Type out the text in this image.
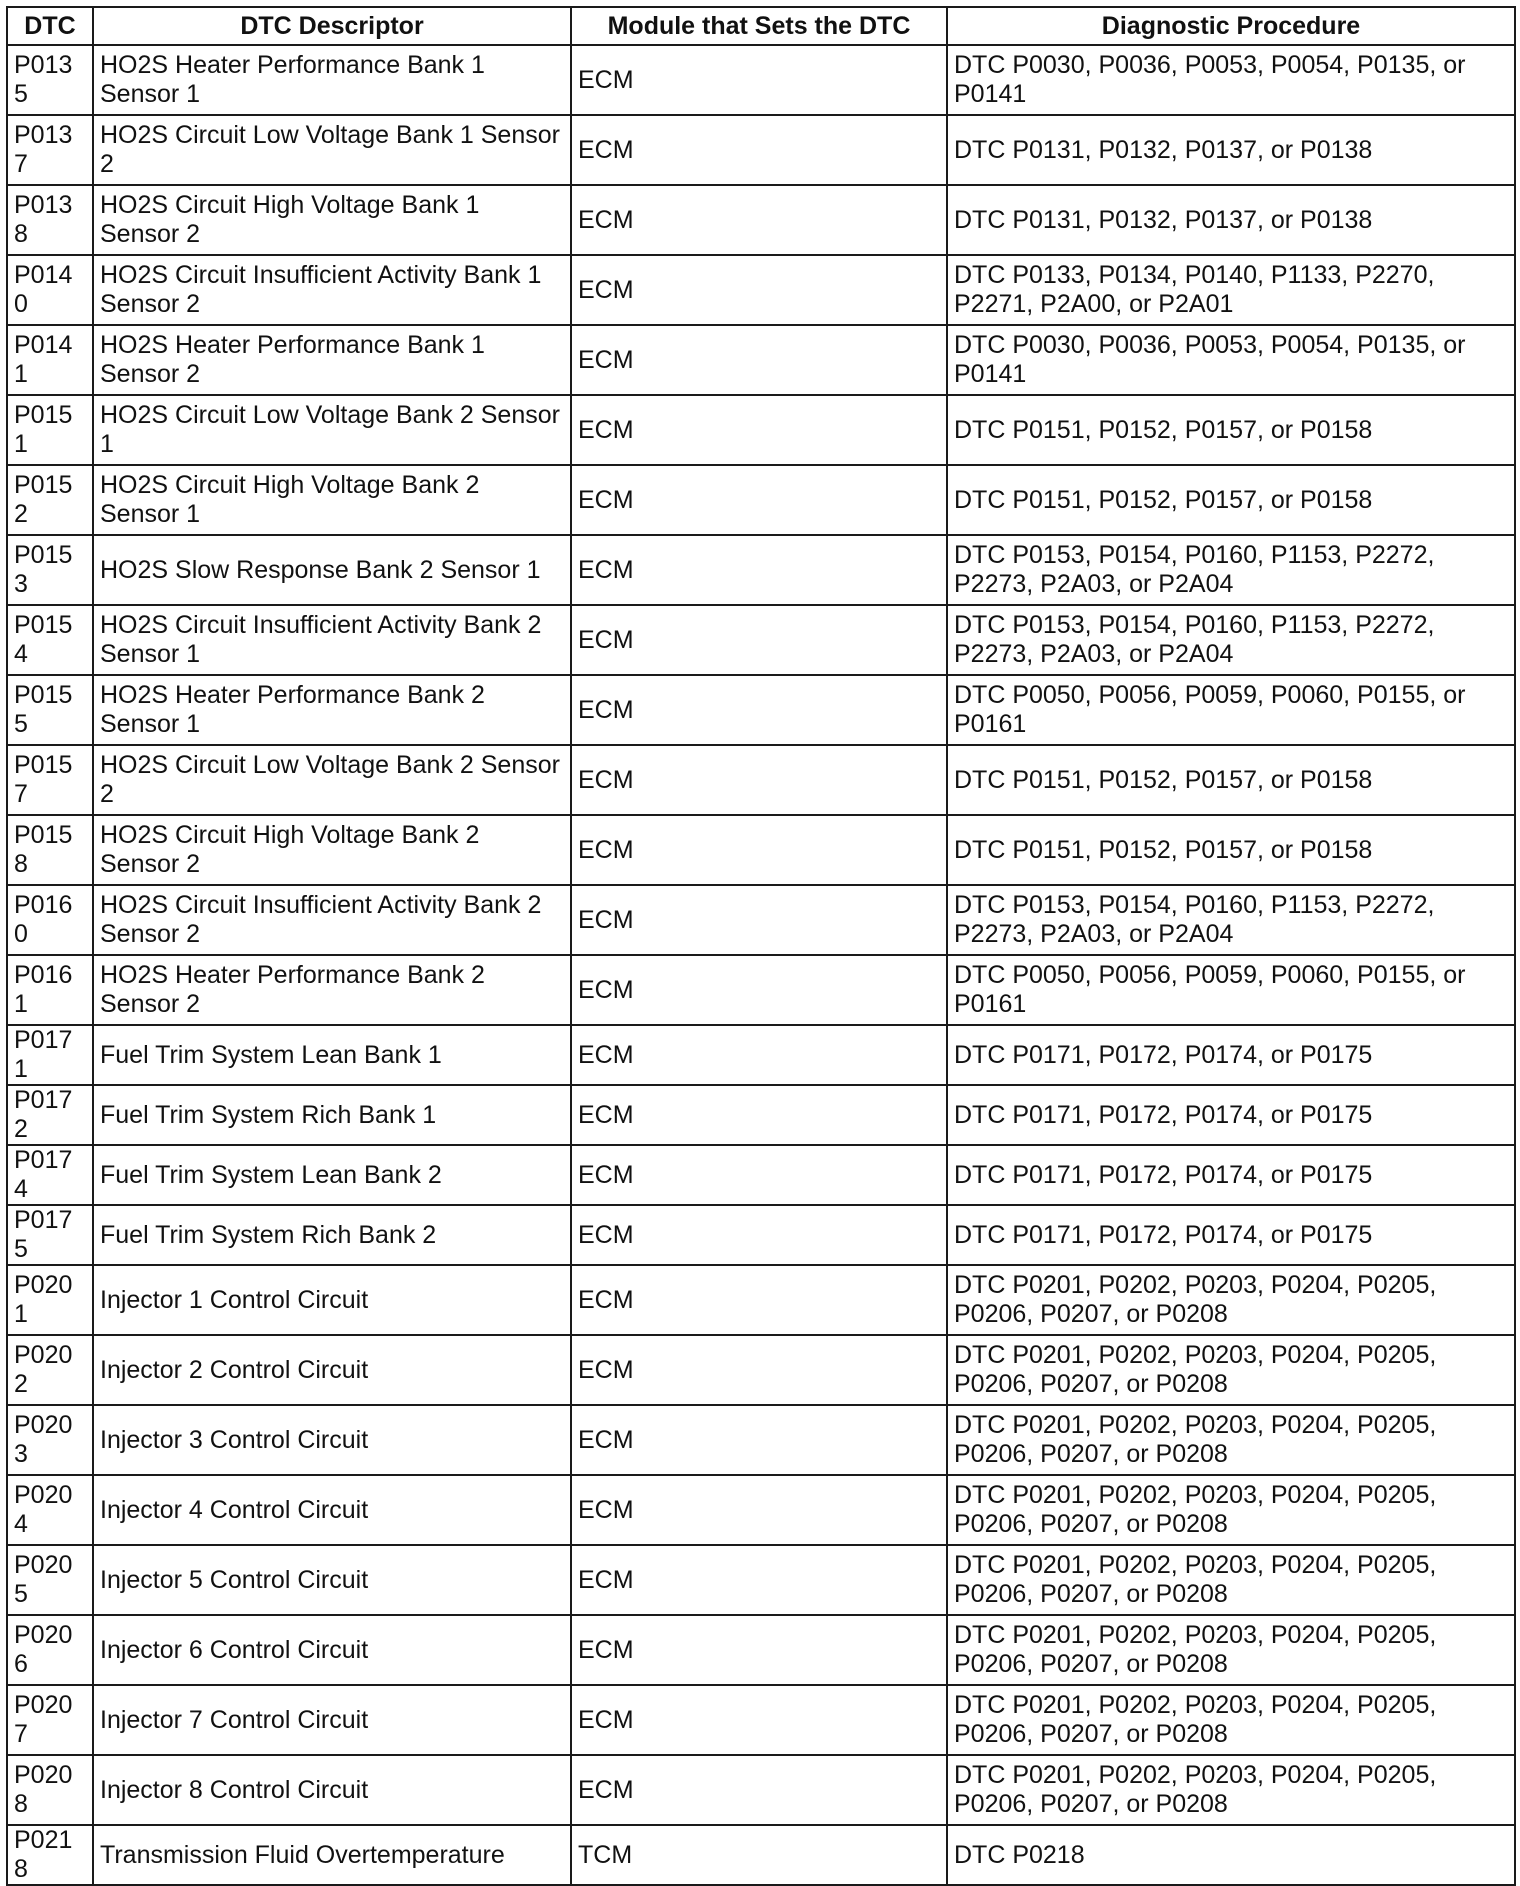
DTC	DTC Descriptor	Module that Sets the DTC	Diagnostic Procedure
P0135	HO2S Heater Performance Bank 1 Sensor 1	ECM	DTC P0030, P0036, P0053, P0054, P0135, or P0141
P0137	HO2S Circuit Low Voltage Bank 1 Sensor 2	ECM	DTC P0131, P0132, P0137, or P0138
P0138	HO2S Circuit High Voltage Bank 1 Sensor 2	ECM	DTC P0131, P0132, P0137, or P0138
P0140	HO2S Circuit Insufficient Activity Bank 1 Sensor 2	ECM	DTC P0133, P0134, P0140, P1133, P2270, P2271, P2A00, or P2A01
P0141	HO2S Heater Performance Bank 1 Sensor 2	ECM	DTC P0030, P0036, P0053, P0054, P0135, or P0141
P0151	HO2S Circuit Low Voltage Bank 2 Sensor 1	ECM	DTC P0151, P0152, P0157, or P0158
P0152	HO2S Circuit High Voltage Bank 2 Sensor 1	ECM	DTC P0151, P0152, P0157, or P0158
P0153	HO2S Slow Response Bank 2 Sensor 1	ECM	DTC P0153, P0154, P0160, P1153, P2272, P2273, P2A03, or P2A04
P0154	HO2S Circuit Insufficient Activity Bank 2 Sensor 1	ECM	DTC P0153, P0154, P0160, P1153, P2272, P2273, P2A03, or P2A04
P0155	HO2S Heater Performance Bank 2 Sensor 1	ECM	DTC P0050, P0056, P0059, P0060, P0155, or P0161
P0157	HO2S Circuit Low Voltage Bank 2 Sensor 2	ECM	DTC P0151, P0152, P0157, or P0158
P0158	HO2S Circuit High Voltage Bank 2 Sensor 2	ECM	DTC P0151, P0152, P0157, or P0158
P0160	HO2S Circuit Insufficient Activity Bank 2 Sensor 2	ECM	DTC P0153, P0154, P0160, P1153, P2272, P2273, P2A03, or P2A04
P0161	HO2S Heater Performance Bank 2 Sensor 2	ECM	DTC P0050, P0056, P0059, P0060, P0155, or P0161
P0171	Fuel Trim System Lean Bank 1	ECM	DTC P0171, P0172, P0174, or P0175
P0172	Fuel Trim System Rich Bank 1	ECM	DTC P0171, P0172, P0174, or P0175
P0174	Fuel Trim System Lean Bank 2	ECM	DTC P0171, P0172, P0174, or P0175
P0175	Fuel Trim System Rich Bank 2	ECM	DTC P0171, P0172, P0174, or P0175
P0201	Injector 1 Control Circuit	ECM	DTC P0201, P0202, P0203, P0204, P0205, P0206, P0207, or P0208
P0202	Injector 2 Control Circuit	ECM	DTC P0201, P0202, P0203, P0204, P0205, P0206, P0207, or P0208
P0203	Injector 3 Control Circuit	ECM	DTC P0201, P0202, P0203, P0204, P0205, P0206, P0207, or P0208
P0204	Injector 4 Control Circuit	ECM	DTC P0201, P0202, P0203, P0204, P0205, P0206, P0207, or P0208
P0205	Injector 5 Control Circuit	ECM	DTC P0201, P0202, P0203, P0204, P0205, P0206, P0207, or P0208
P0206	Injector 6 Control Circuit	ECM	DTC P0201, P0202, P0203, P0204, P0205, P0206, P0207, or P0208
P0207	Injector 7 Control Circuit	ECM	DTC P0201, P0202, P0203, P0204, P0205, P0206, P0207, or P0208
P0208	Injector 8 Control Circuit	ECM	DTC P0201, P0202, P0203, P0204, P0205, P0206, P0207, or P0208
P0218	Transmission Fluid Overtemperature	TCM	DTC P0218
